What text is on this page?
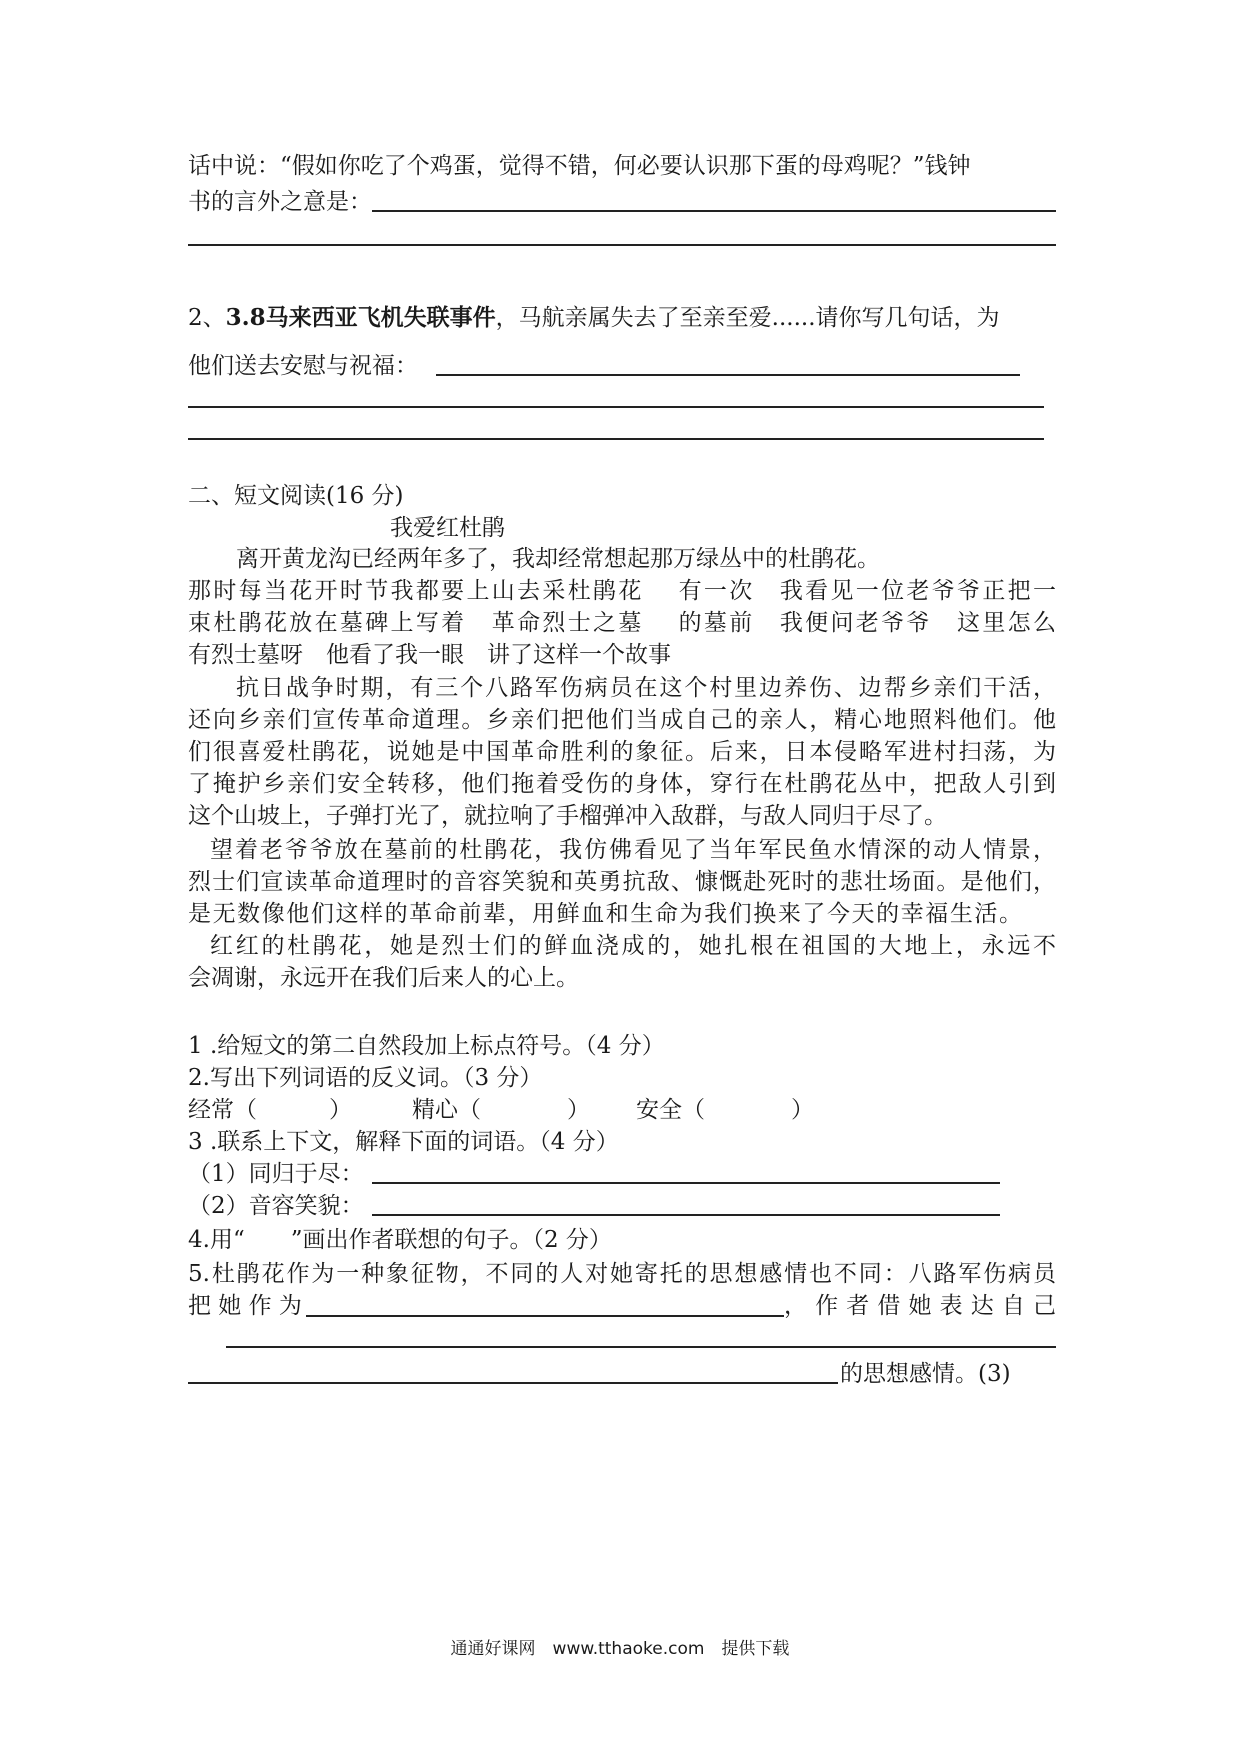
话中说：“假如你吃了个鸡蛋，觉得不错，何必要认识那下蛋的母鸡呢？”钱钟
书的言外之意是：
2、3.8马来西亚飞机失联事件，马航亲属失去了至亲至爱......请你写几句话，为
他们送去安慰与祝福：
二、短文阅读(16 分)
我爱红杜鹃
离开黄龙沟已经两年多了，我却经常想起那万绿丛中的杜鹃花。
那时每当花开时节我都要上山去采杜鹃花　 有一次　我看见一位老爷爷正把一
束杜鹃花放在墓碑上写着　革命烈士之墓　 的墓前　我便问老爷爷　这里怎么
有烈士墓呀　他看了我一眼　讲了这样一个故事
抗日战争时期，有三个八路军伤病员在这个村里边养伤、边帮乡亲们干活，
还向乡亲们宣传革命道理。乡亲们把他们当成自己的亲人，精心地照料他们。他
们很喜爱杜鹃花，说她是中国革命胜利的象征。后来，日本侵略军进村扫荡，为
了掩护乡亲们安全转移，他们拖着受伤的身体，穿行在杜鹃花丛中，把敌人引到
这个山坡上，子弹打光了，就拉响了手榴弹冲入敌群，与敌人同归于尽了。
望着老爷爷放在墓前的杜鹃花，我仿佛看见了当年军民鱼水情深的动人情景，
烈士们宣读革命道理时的音容笑貌和英勇抗敌、慷慨赴死时的悲壮场面。是他们，
是无数像他们这样的革命前辈，用鲜血和生命为我们换来了今天的幸福生活。
红红的杜鹃花，她是烈士们的鲜血浇成的，她扎根在祖国的大地上，永远不
会凋谢，永远开在我们后来人的心上。
1 .给短文的第二自然段加上标点符号。（4 分）
2.写出下列词语的反义词。（3 分）
经常（	）	精心（	） 安全（	）
3 .联系上下文，解释下面的词语。（4 分）
（1）同归于尽：
（2）音容笑貌：
4.用“　　”画出作者联想的句子。（2 分）
5.杜鹃花作为一种象征物，不同的人对她寄托的思想感情也不同：八路军伤病员
把 她 作 为	， 作 者 借 她 表 达 自 己
的思想感情。(3)
通通好课网　www.tthaoke.com　提供下载
